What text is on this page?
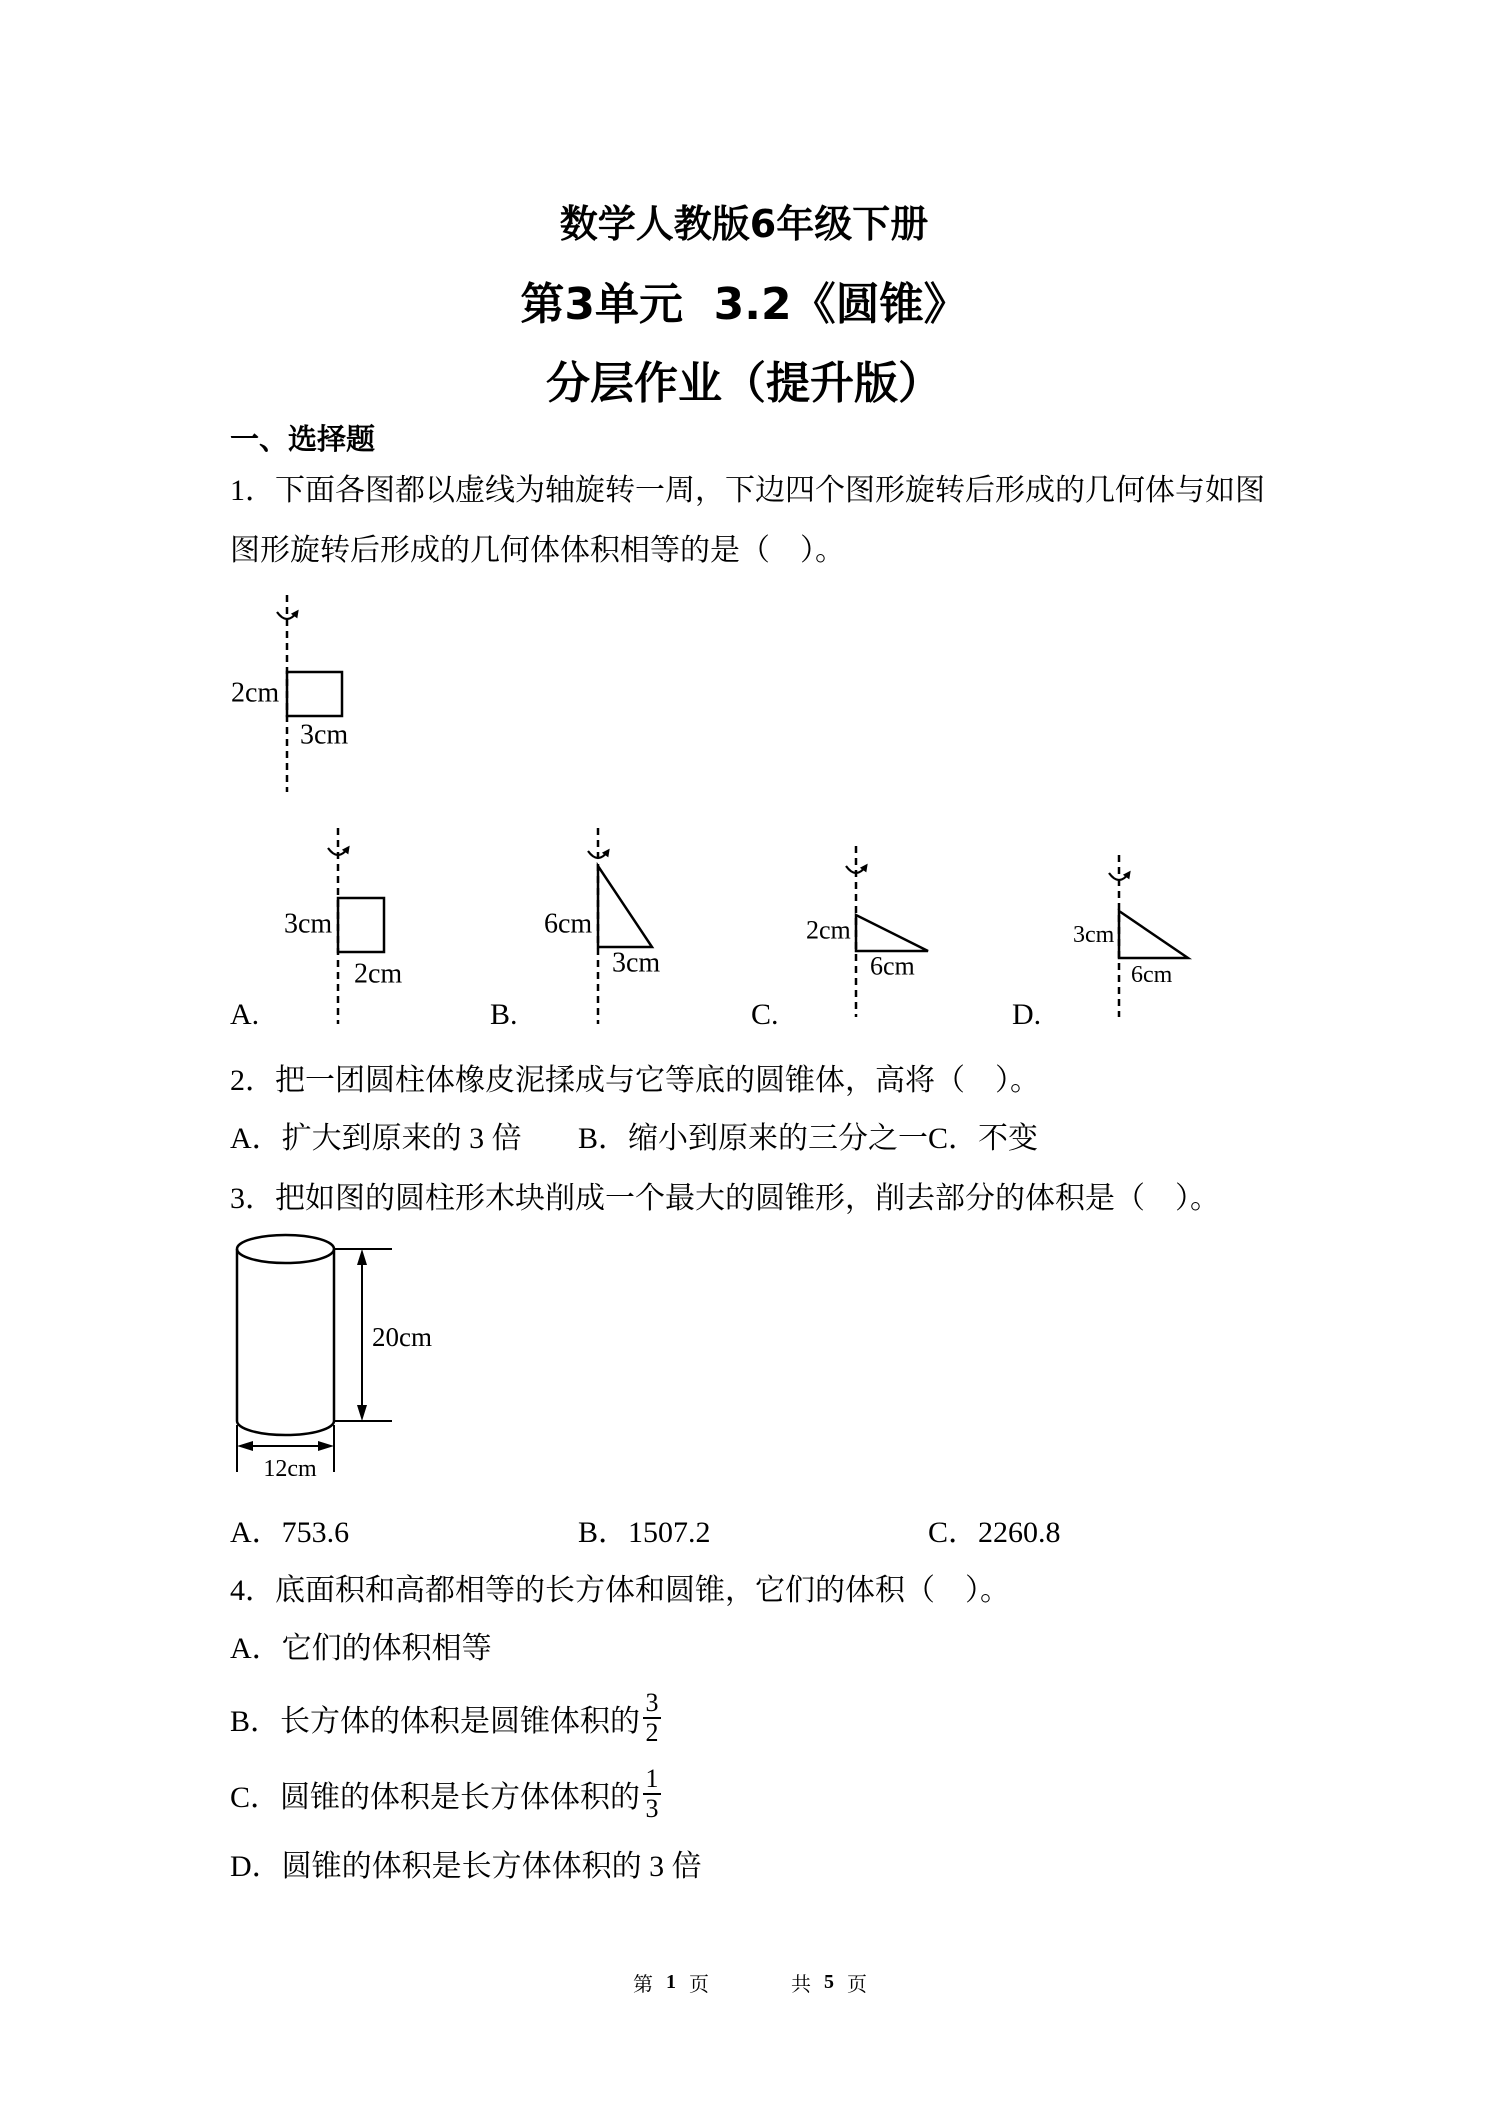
数学人教版6年级下册
第3单元  3.2《圆锥》
分层作业（提升版）
一、选择题
1．下面各图都以虚线为轴旋转一周，下边四个图形旋转后形成的几何体与如图
图形旋转后形成的几何体体积相等的是（    ）。
A.	B.	C.	D.
2．把一团圆柱体橡皮泥揉成与它等底的圆锥体，高将（    ）。
A．扩大到原来的 3 倍 B．缩小到原来的三分之一 C．不变
3．把如图的圆柱形木块削成一个最大的圆锥形，削去部分的体积是（    ）。
A．753.6	B．1507.2	C．2260.8
4．底面积和高都相等的长方体和圆锥，它们的体积（    ）。
A．它们的体积相等
B．长方体的体积是圆锥体积的 $\frac{3}{2}$
C．圆锥的体积是长方体体积的 $\frac{1}{3}$
D．圆锥的体积是长方体体积的 3 倍
2cm
3cm
3cm
2cm
6cm
3cm
2cm
6cm
3cm
6cm
20cm
12cm
第 1 页	共 5 页
